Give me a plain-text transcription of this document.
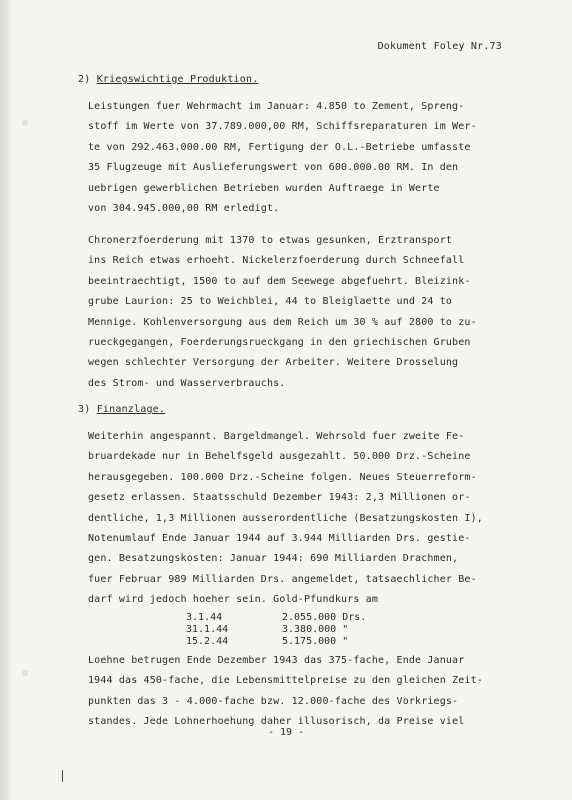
Dokument Foley Nr.73
2) Kriegswichtige Produktion.
Leistungen fuer Wehrmacht im Januar: 4.850 to Zement, Spreng-
stoff im Werte von 37.789.000,00 RM, Schiffsreparaturen im Wer-
te von 292.463.000.00 RM, Fertigung der O.L.-Betriebe umfasste
35 Flugzeuge mit Auslieferungswert von 600.000.00 RM. In den
uebrigen gewerblichen Betrieben wurden Auftraege in Werte
von 304.945.000,00 RM erledigt.
Chronerzfoerderung mit 1370 to etwas gesunken, Erztransport
ins Reich etwas erhoeht. Nickelerzfoerderung durch Schneefall
beeintraechtigt, 1500 to auf dem Seewege abgefuehrt. Bleizink-
grube Laurion: 25 to Weichblei, 44 to Bleiglaette und 24 to
Mennige. Kohlenversorgung aus dem Reich um 30 % auf 2800 to zu-
rueckgegangen, Foerderungsrueckgang in den griechischen Gruben
wegen schlechter Versorgung der Arbeiter. Weitere Drosselung
des Strom- und Wasserverbrauchs.
3) Finanzlage.
Weiterhin angespannt. Bargeldmangel. Wehrsold fuer zweite Fe-
bruardekade nur in Behelfsgeld ausgezahlt. 50.000 Drz.-Scheine
herausgegeben. 100.000 Drz.-Scheine folgen. Neues Steuerreform-
gesetz erlassen. Staatsschuld Dezember 1943: 2,3 Millionen or-
dentliche, 1,3 Millionen ausserordentliche (Besatzungskosten I),
Notenumlauf Ende Januar 1944 auf 3.944 Milliarden Drs. gestie-
gen. Besatzungskosten: Januar 1944: 690 Milliarden Drachmen,
fuer Februar 989 Milliarden Drs. angemeldet, tatsaechlicher Be-
darf wird jedoch hoeher sein. Gold-Pfundkurs am
3.1.44	2.055.000 Drs.
31.1.44	3.380.000 "
15.2.44	5.175.000 "
Loehne betrugen Ende Dezember 1943 das 375-fache, Ende Januar
1944 das 450-fache, die Lebensmittelpreise zu den gleichen Zeit-
punkten das 3 - 4.000-fache bzw. 12.000-fache des Vorkriegs-
standes. Jede Lohnerhoehung daher illusorisch, da Preise viel
- 19 -
